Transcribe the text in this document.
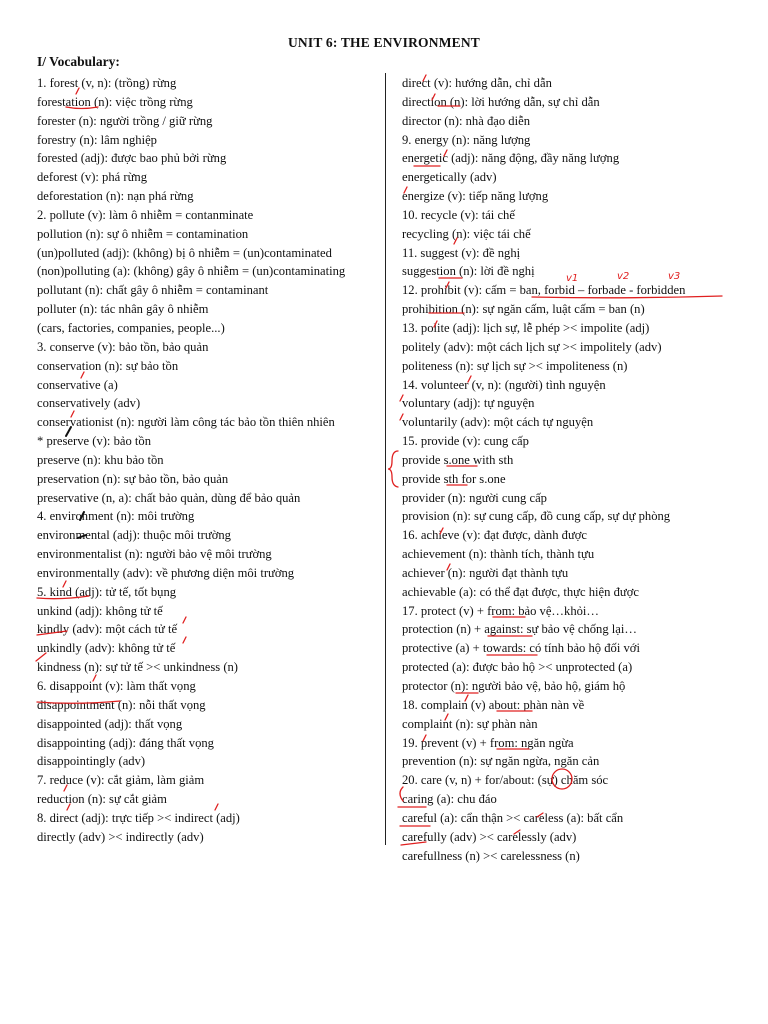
UNIT 6: THE ENVIRONMENT
I/ Vocabulary:
1. forest (v, n): (trồng) rừng
forestation (n): việc trồng rừng
forester (n): người trồng / giữ rừng
forestry (n): lâm nghiệp
forested (adj): được bao phủ bởi rừng
deforest (v): phá rừng
deforestation (n): nạn phá rừng
2. pollute (v): làm ô nhiễm = contanminate
pollution (n): sự ô nhiễm = contamination
(un)polluted (adj): (không) bị ô nhiễm = (un)contaminated
(non)polluting (a): (không) gây ô nhiễm = (un)contaminating
pollutant (n): chất gây ô nhiễm = contaminant
polluter (n): tác nhân gây ô nhiễm
(cars, factories, companies, people...)
3. conserve (v): bảo tồn, bảo quản
conservation (n): sự bảo tồn
conservative (a)
conservatively (adv)
conservationist (n): người làm công tác bảo tồn thiên nhiên
* preserve (v): bảo tồn
preserve (n): khu bảo tồn
preservation (n): sự bảo tồn, bảo quản
preservative (n, a): chất bảo quản, dùng để bảo quản
4. environment (n): môi trường
environmental (adj): thuộc môi trường
environmentalist (n): người bảo vệ môi trường
environmentally (adv): về phương diện môi trường
5. kind (adj): tử tế, tốt bụng
unkind (adj): không tử tế
kindly (adv): một cách tử tế
unkindly (adv): không tử tế
kindness (n): sự tử tế >< unkindness (n)
6. disappoint (v): làm thất vọng
disappointment (n): nỗi thất vọng
disappointed (adj): thất vọng
disappointing (adj): đáng thất vọng
disappointingly (adv)
7. reduce (v): cắt giảm, làm giảm
reduction (n): sự cắt giảm
8. direct (adj): trực tiếp >< indirect (adj)
directly (adv) >< indirectly (adv)
direct (v): hướng dẫn, chỉ dẫn
direction (n): lời hướng dẫn, sự chỉ dẫn
director (n): nhà đạo diễn
9. energy (n): năng lượng
energetic (adj): năng động, đầy năng lượng
energetically (adv)
energize (v): tiếp năng lượng
10. recycle (v): tái chế
recycling (n): việc tái chế
11. suggest (v): đề nghị
suggestion (n): lời đề nghị
12. prohibit (v): cấm = ban, forbid – forbade - forbidden
prohibition (n): sự ngăn cấm, luật cấm = ban (n)
13. polite (adj): lịch sự, lễ phép >< impolite (adj)
politely (adv): một cách lịch sự >< impolitely (adv)
politeness (n): sự lịch sự >< impoliteness (n)
14. volunteer (v, n): (người) tình nguyện
voluntary (adj): tự nguyện
voluntarily (adv): một cách tự nguyện
15. provide (v): cung cấp
provide s.one with sth
provide sth for s.one
provider (n): người cung cấp
provision (n): sự cung cấp, đồ cung cấp, sự dự phòng
16. achieve (v): đạt được, dành được
achievement (n): thành tích, thành tựu
achiever (n): người đạt thành tựu
achievable (a): có thể đạt được, thực hiện được
17. protect (v) + from: bảo vệ…khỏi…
protection (n) + against: sự bảo vệ chống lại…
protective (a) + towards: có tính bảo hộ đối với
protected (a): được bảo hộ >< unprotected (a)
protector (n): người bảo vệ, bảo hộ, giám hộ
18. complain (v) about: phàn nàn về
complaint (n): sự phàn nàn
19. prevent (v) + from: ngăn ngừa
prevention (n): sự ngăn ngừa, ngăn cản
20. care (v, n) + for/about: (sự) chăm sóc
caring (a): chu đáo
careful (a): cẩn thận >< careless (a): bất cẩn
carefully (adv) >< carelessly (adv)
carefullness (n) >< carelessness (n)
v1	v2	v3
